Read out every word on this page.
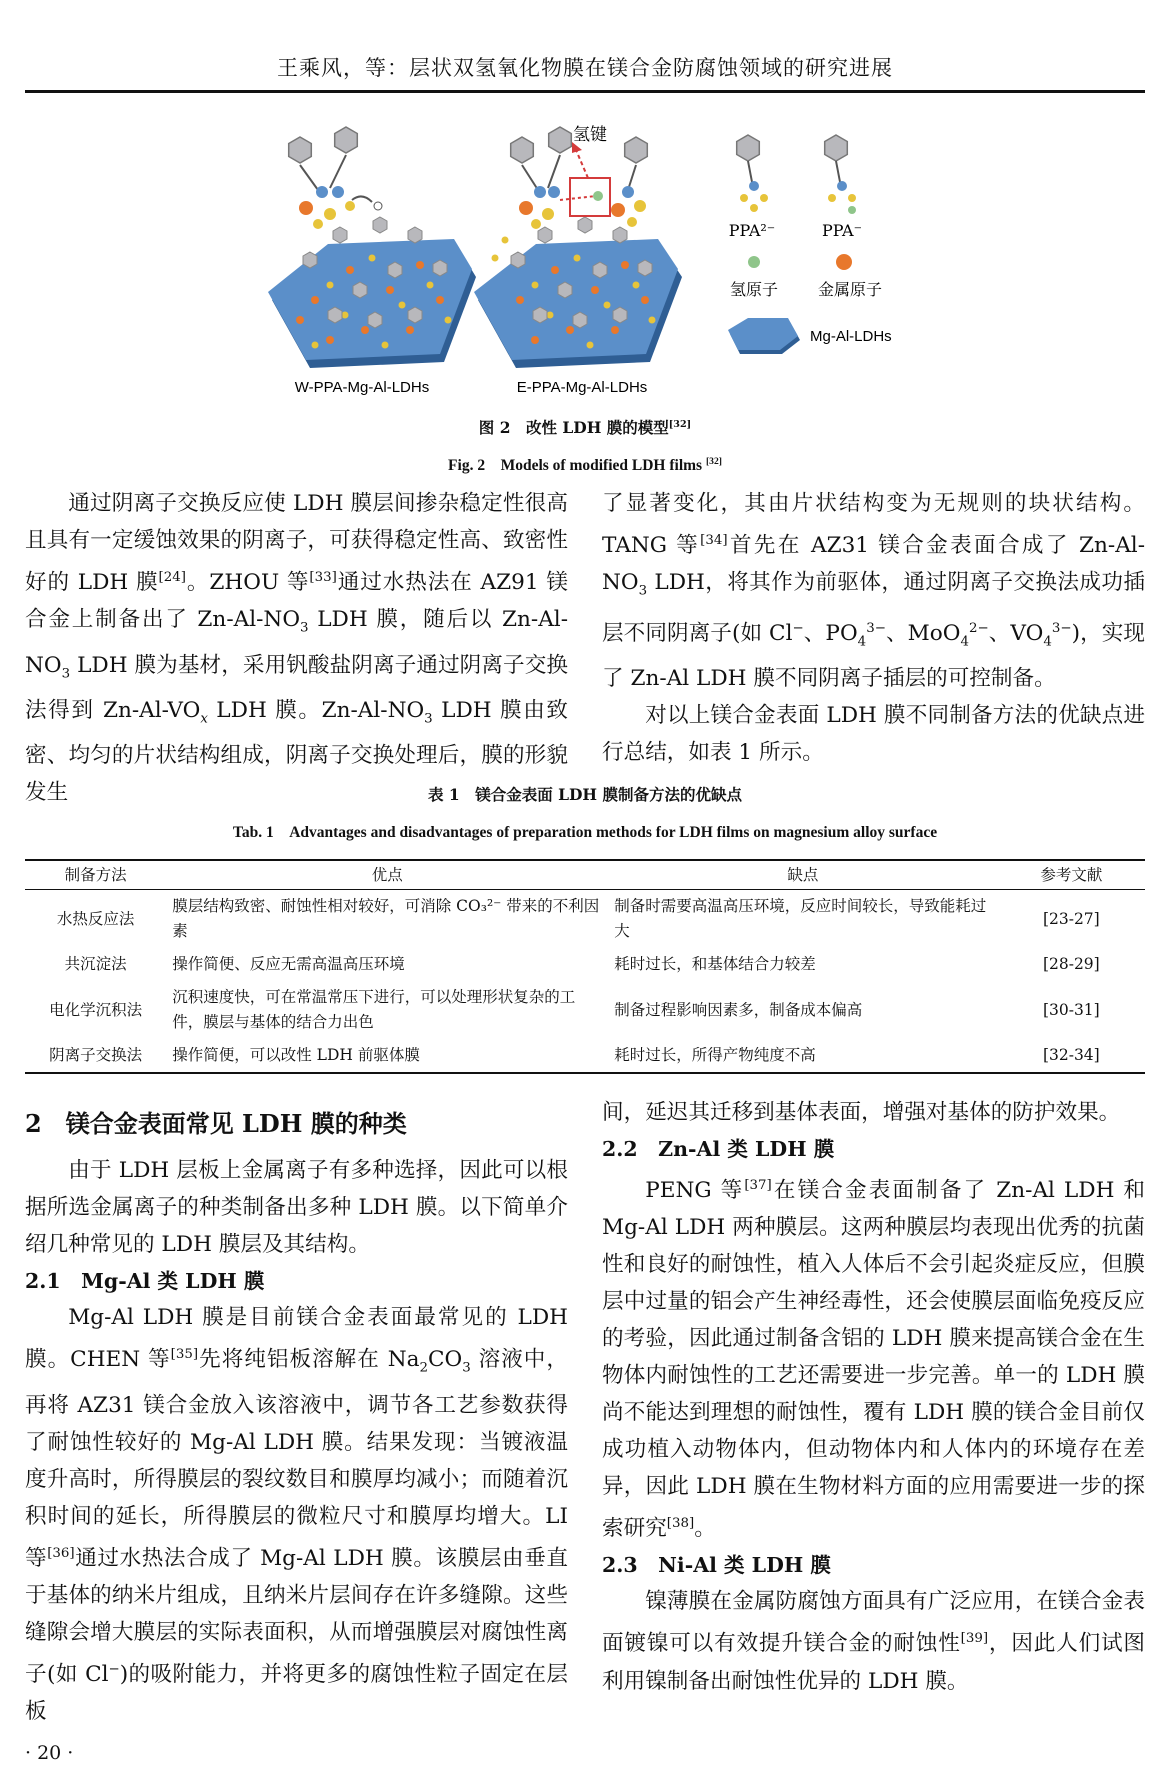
王乘风，等：层状双氢氧化物膜在镁合金防腐蚀领域的研究进展
氢键
PPA²⁻	PPA⁻
氢原子 金属原子
Mg-Al-LDHs
W-PPA-Mg-Al-LDHs	E-PPA-Mg-Al-LDHs
图 2　改性 LDH 膜的模型[32]
Fig. 2　Models of modified LDH films [32]

通过阴离子交换反应使 LDH 膜层间掺杂稳定性很高且具有一定缓蚀效果的阴离子，可获得稳定性高、致密性好的 LDH 膜[24]。ZHOU 等[33]通过水热法在 AZ91 镁合金上制备出了 $Zn-Al-NO_3$ LDH 膜，随后以 $Zn-Al-NO_3$ LDH 膜为基材，采用钒酸盐阴离子通过阴离子交换法得到 $Zn-Al-VO_x$ LDH 膜。$Zn-Al-NO_3$ LDH 膜由致密、均匀的片状结构组成，阴离子交换处理后，膜的形貌发生

了显著变化，其由片状结构变为无规则的块状结构。TANG 等[34]首先在 AZ31 镁合金表面合成了 $Zn-Al-NO_3$ LDH，将其作为前驱体，通过阴离子交换法成功插层不同阴离子(如 Cl−、$PO_4^{3-}$、MoO$_4^{2-}$、$VO_4^{3-}$)，实现了 Zn-Al LDH 膜不同阴离子插层的可控制备。

对以上镁合金表面 LDH 膜不同制备方法的优缺点进行总结，如表 1 所示。

表 1　镁合金表面 LDH 膜制备方法的优缺点
Tab. 1　Advantages and disadvantages of preparation methods for LDH films on magnesium alloy surface
制备方法	优点	缺点	参考文献
水热反应法	膜层结构致密、耐蚀性相对较好，可消除 CO₃²⁻ 带来的不利因素	制备时需要高温高压环境，反应时间较长，导致能耗过大	[23-27]
共沉淀法	操作简便、反应无需高温高压环境	耗时过长，和基体结合力较差	[28-29]
电化学沉积法	沉积速度快，可在常温常压下进行，可以处理形状复杂的工件，膜层与基体的结合力出色	制备过程影响因素多，制备成本偏高	[30-31]
阴离子交换法	操作简便，可以改性 LDH 前驱体膜	耗时过长，所得产物纯度不高	[32-34]

2　镁合金表面常见 LDH 膜的种类

由于 LDH 层板上金属离子有多种选择，因此可以根据所选金属离子的种类制备出多种 LDH 膜。以下简单介绍几种常见的 LDH 膜层及其结构。

2.1　Mg-Al 类 LDH 膜

Mg-Al LDH 膜是目前镁合金表面最常见的 LDH 膜。CHEN 等[35]先将纯铝板溶解在 $Na_2CO_3$ 溶液中，再将 AZ31 镁合金放入该溶液中，调节各工艺参数获得了耐蚀性较好的 Mg-Al LDH 膜。结果发现：当镀液温度升高时，所得膜层的裂纹数目和膜厚均减小；而随着沉积时间的延长，所得膜层的微粒尺寸和膜厚均增大。LI 等[36]通过水热法合成了 Mg-Al LDH 膜。该膜层由垂直于基体的纳米片组成，且纳米片层间存在许多缝隙。这些缝隙会增大膜层的实际表面积，从而增强膜层对腐蚀性离子(如 Cl−)的吸附能力，并将更多的腐蚀性粒子固定在层板

间，延迟其迁移到基体表面，增强对基体的防护效果。

2.2　Zn-Al 类 LDH 膜

PENG 等[37]在镁合金表面制备了 Zn-Al LDH 和 Mg-Al LDH 两种膜层。这两种膜层均表现出优秀的抗菌性和良好的耐蚀性，植入人体后不会引起炎症反应，但膜层中过量的铝会产生神经毒性，还会使膜层面临免疫反应的考验，因此通过制备含铝的 LDH 膜来提高镁合金在生物体内耐蚀性的工艺还需要进一步完善。单一的 LDH 膜尚不能达到理想的耐蚀性，覆有 LDH 膜的镁合金目前仅成功植入动物体内，但动物体内和人体内的环境存在差异，因此 LDH 膜在生物材料方面的应用需要进一步的探索研究[38]。

2.3　Ni-Al 类 LDH 膜

镍薄膜在金属防腐蚀方面具有广泛应用，在镁合金表面镀镍可以有效提升镁合金的耐蚀性[39]，因此人们试图利用镍制备出耐蚀性优异的 LDH 膜。

· 20 ·
